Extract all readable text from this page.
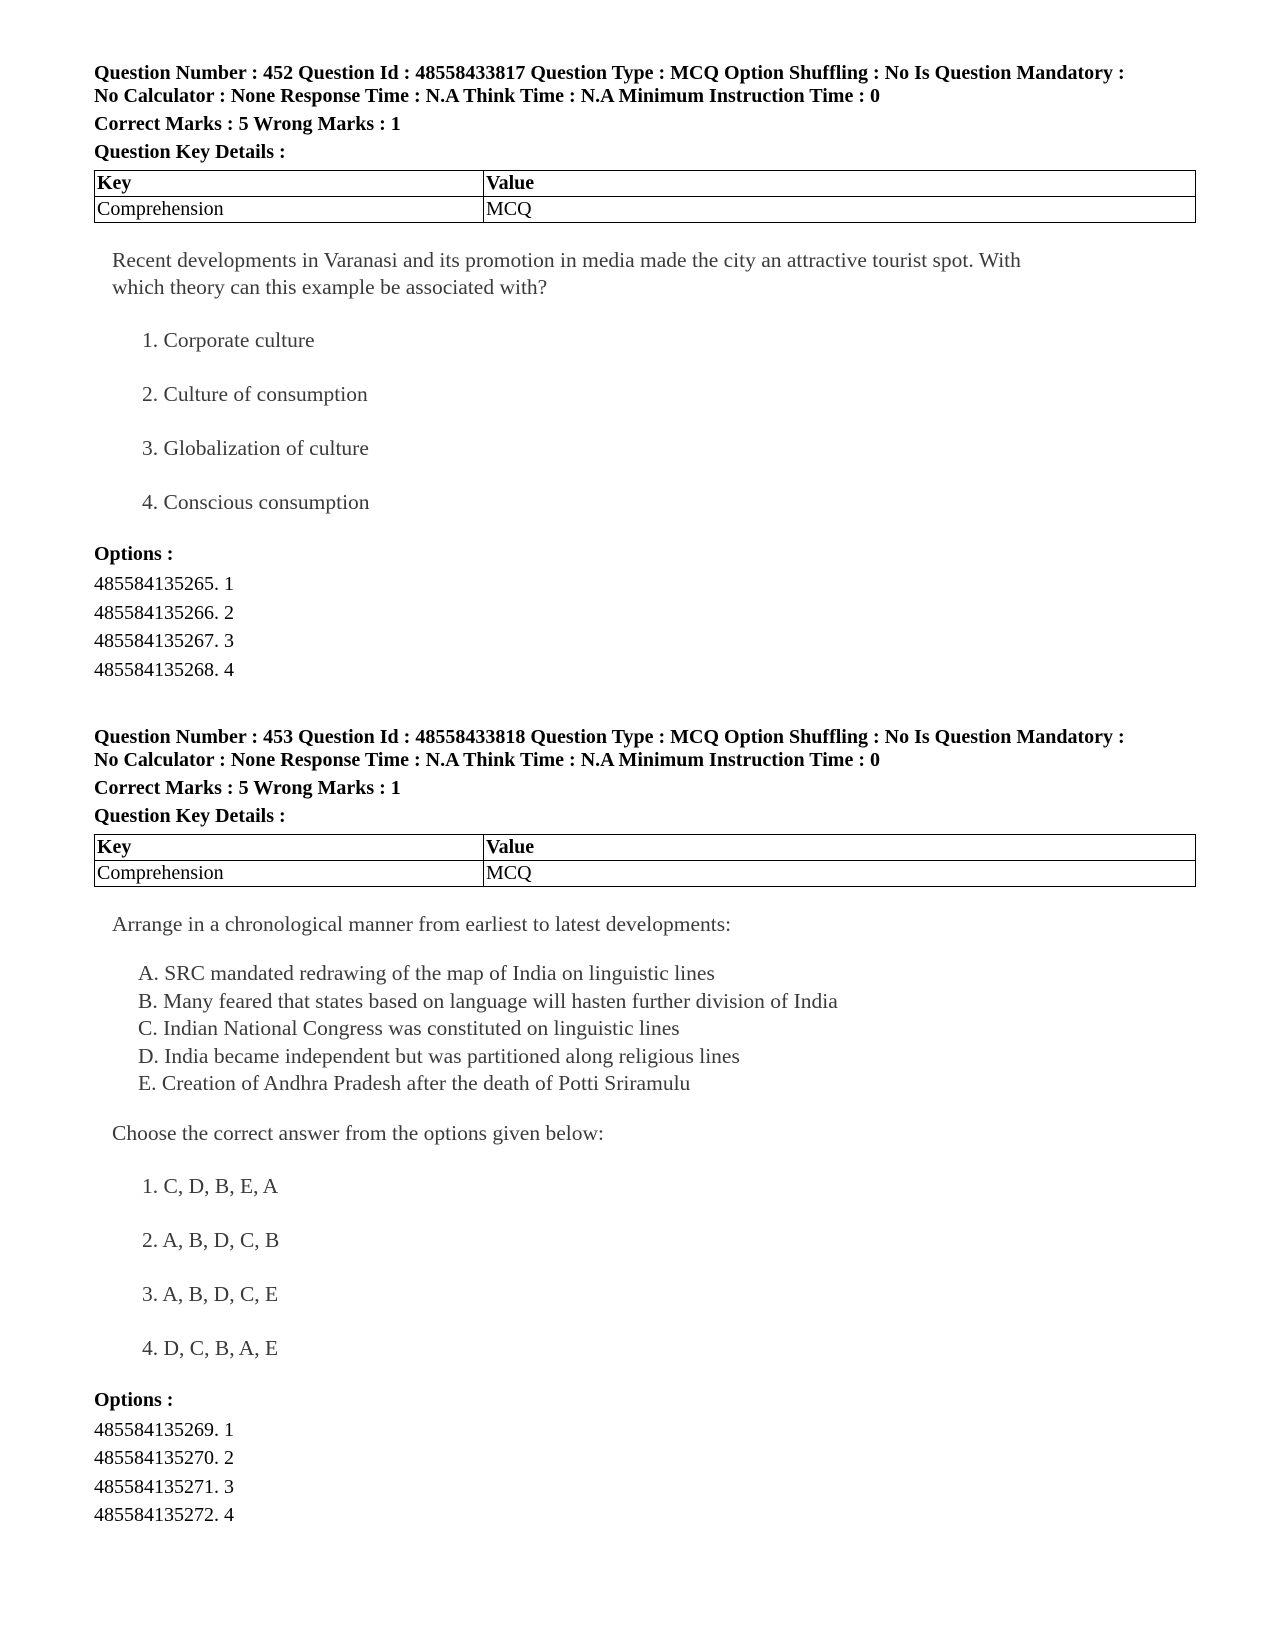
Question Number : 452 Question Id : 48558433817 Question Type : MCQ Option Shuffling : No Is Question Mandatory :

No Calculator : None Response Time : N.A Think Time : N.A Minimum Instruction Time : 0

Correct Marks : 5 Wrong Marks : 1
Question Key Details :
Key	Value
Comprehension	MCQ
Recent developments in Varanasi and its promotion in media made the city an attractive tourist spot. With
which theory can this example be associated with?
1. Corporate culture
2. Culture of consumption
3. Globalization of culture
4. Conscious consumption
Options :
485584135265. 1
485584135266. 2
485584135267. 3
485584135268. 4

Question Number : 453 Question Id : 48558433818 Question Type : MCQ Option Shuffling : No Is Question Mandatory :

No Calculator : None Response Time : N.A Think Time : N.A Minimum Instruction Time : 0

Correct Marks : 5 Wrong Marks : 1
Question Key Details :
Key	Value
Comprehension	MCQ
Arrange in a chronological manner from earliest to latest developments:
A. SRC mandated redrawing of the map of India on linguistic lines
B. Many feared that states based on language will hasten further division of India
C. Indian National Congress was constituted on linguistic lines
D. India became independent but was partitioned along religious lines
E. Creation of Andhra Pradesh after the death of Potti Sriramulu
Choose the correct answer from the options given below:
1. C, D, B, E, A
2. A, B, D, C, B
3. A, B, D, C, E
4. D, C, B, A, E
Options :
485584135269. 1
485584135270. 2
485584135271. 3
485584135272. 4
